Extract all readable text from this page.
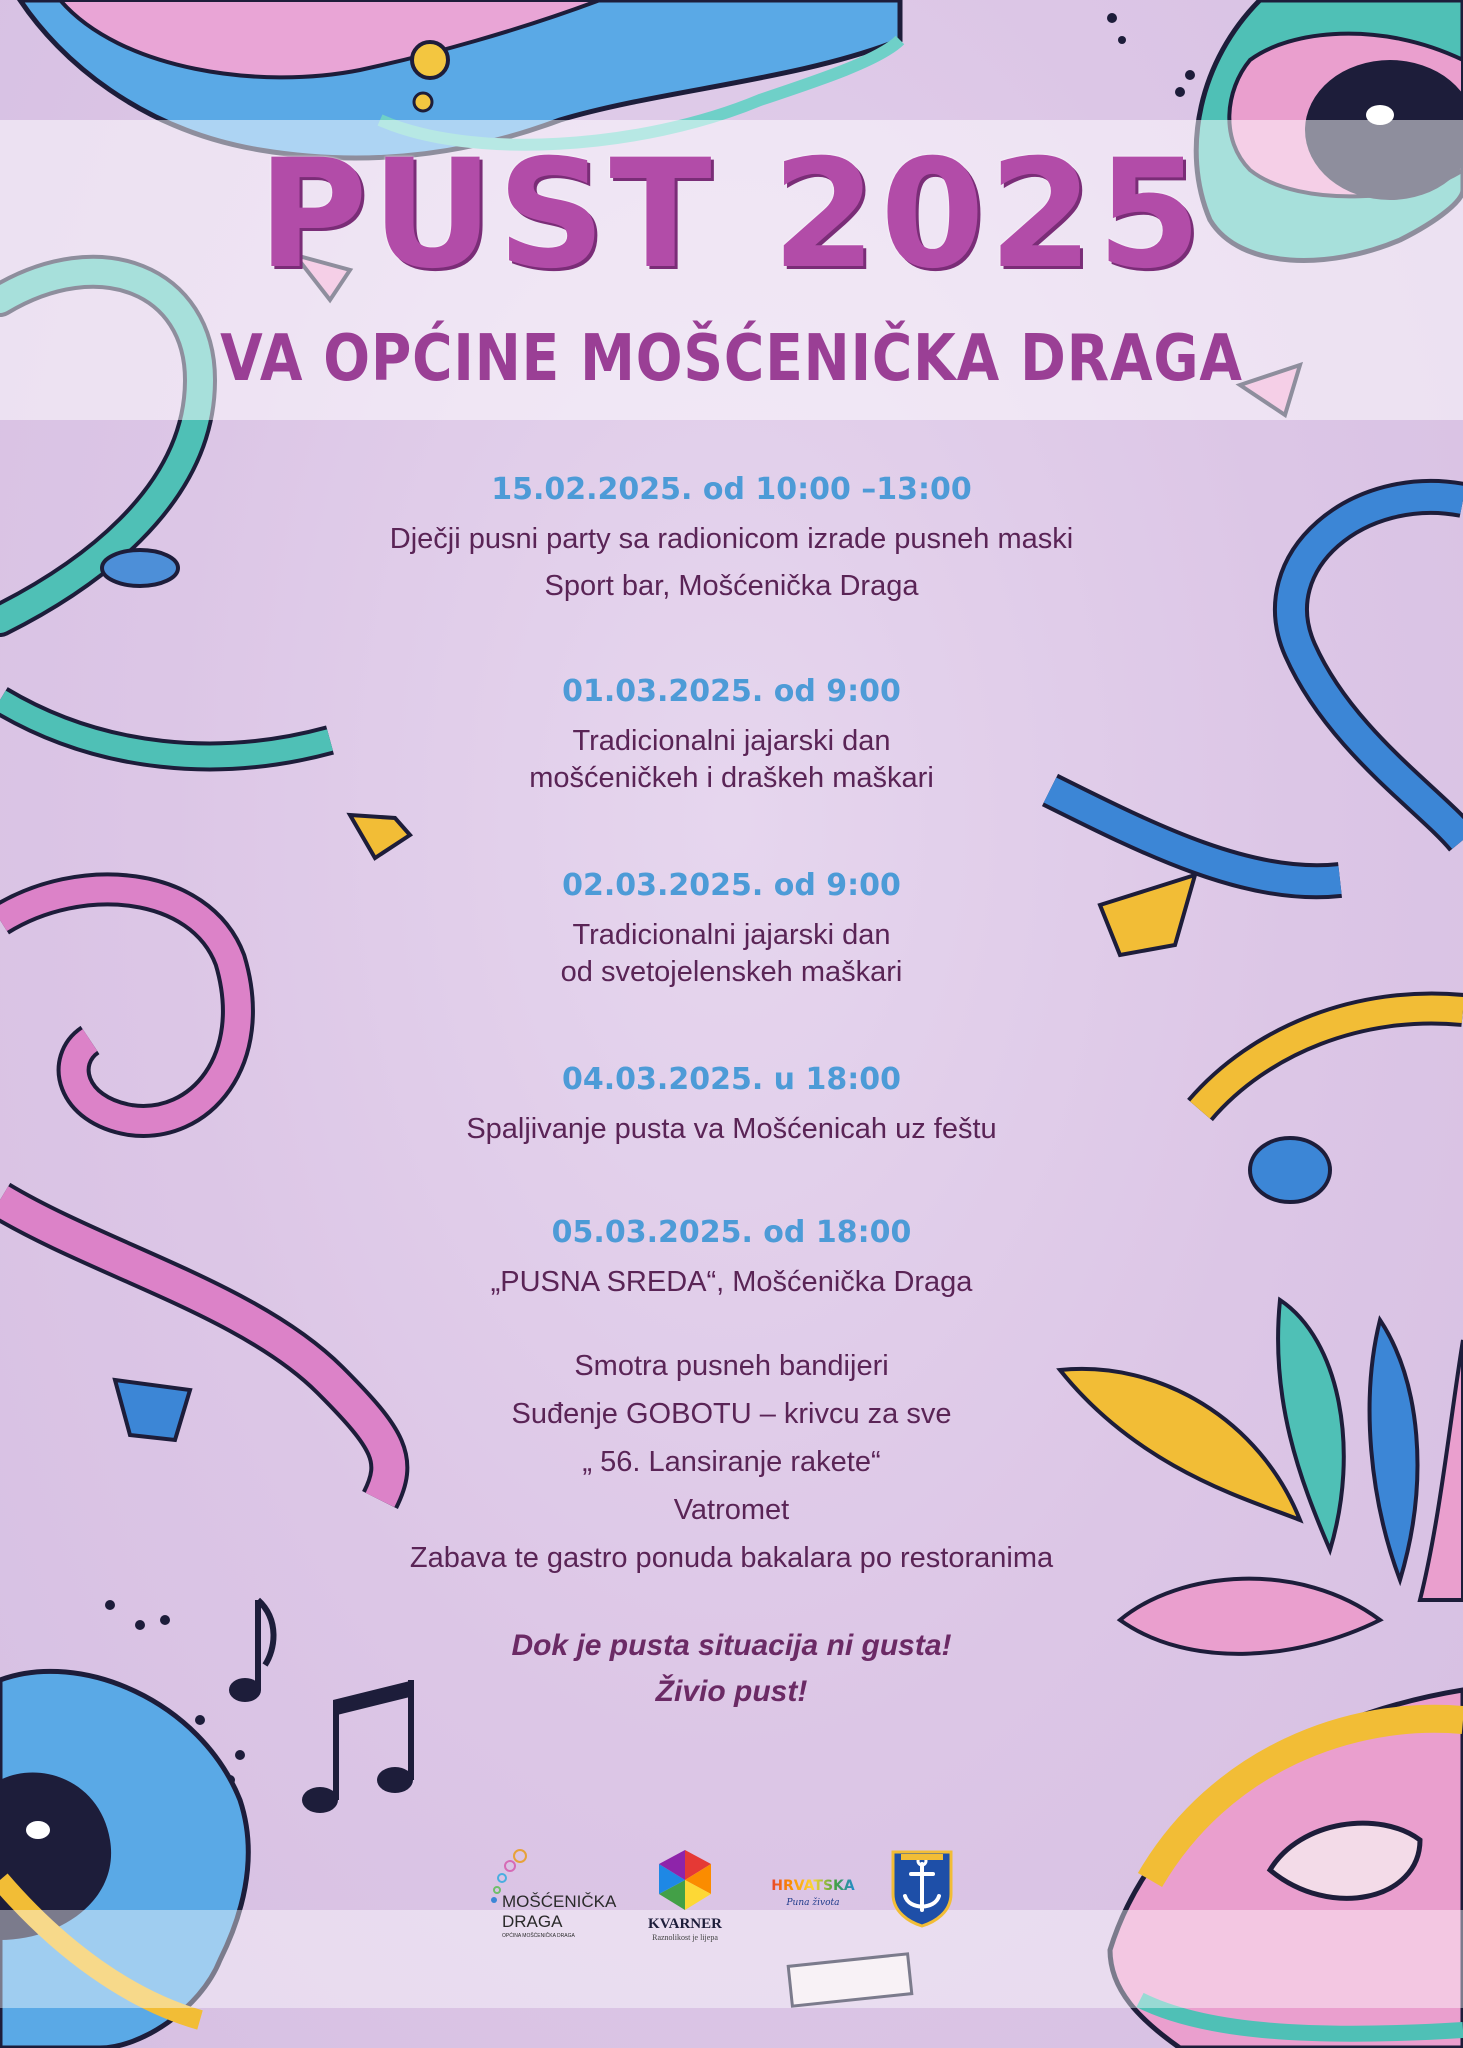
PUST 2025
VA OPĆINE MOŠĆENIČKA DRAGA
15.02.2025. od 10:00 –13:00
Dječji pusni party sa radionicom izrade pusneh maski
Sport bar, Mošćenička Draga
01.03.2025. od 9:00
Tradicionalni jajarski dan
mošćeničkeh i draškeh maškari
02.03.2025. od 9:00
Tradicionalni jajarski dan
od svetojelenskeh maškari
04.03.2025. u 18:00
Spaljivanje pusta va Mošćenicah uz feštu
05.03.2025. od 18:00
„PUSNA SREDA“, Mošćenička Draga
Smotra pusneh bandijeri
Suđenje GOBOTU – krivcu za sve
„ 56. Lansiranje rakete“
Vatromet
Zabava te gastro ponuda bakalara po restoranima
Dok je pusta situacija ni gusta!
Živio pust!
MOŠĆENIČKA
DRAGA
OPĆINA MOŠĆENIČKA DRAGA
KVARNER
Raznolikost je lijepa
HRVATSKA
Puna života
